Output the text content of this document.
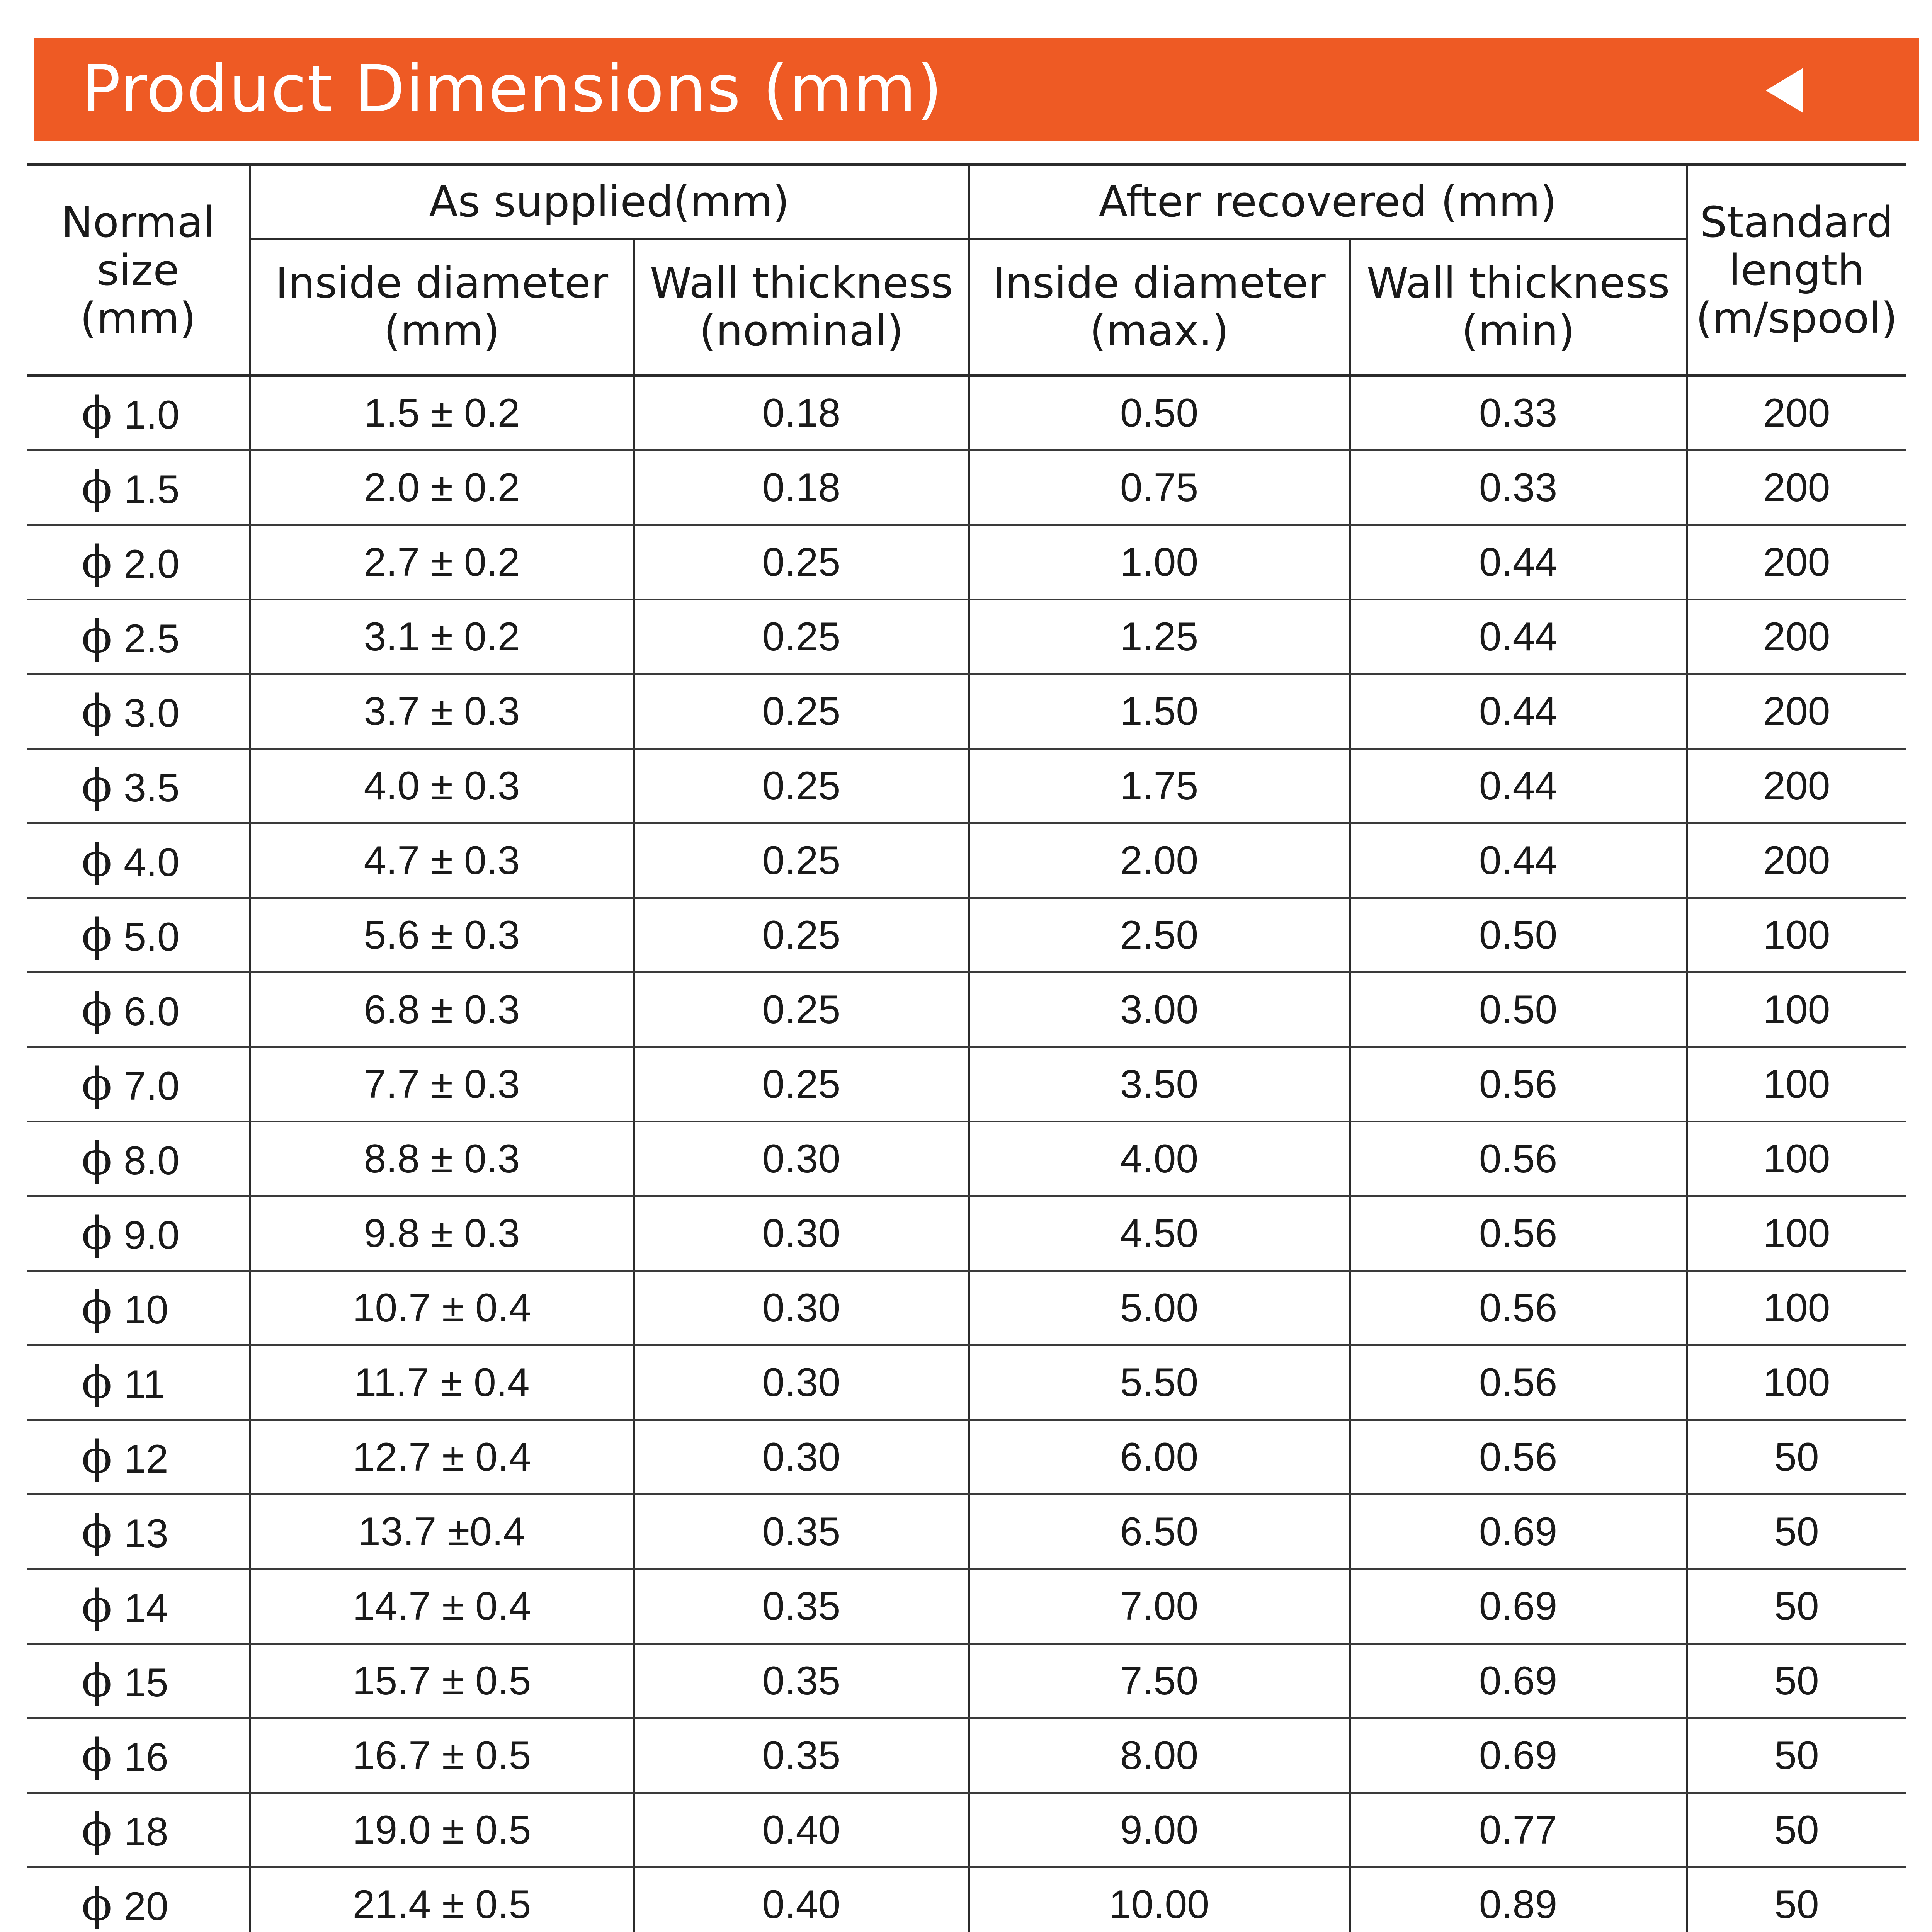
Product Dimensions (mm)
Normal size (mm)	As supplied(mm)		After recovered (mm)		Standard length (m/spool)
	Inside diameter (mm)	Wall thickness (nominal)	Inside diameter (max.)	Wall thickness (min)	
ϕ 1.0	1.5 ± 0.2	0.18	0.50	0.33	200
ϕ 1.5	2.0 ± 0.2	0.18	0.75	0.33	200
ϕ 2.0	2.7 ± 0.2	0.25	1.00	0.44	200
ϕ 2.5	3.1 ± 0.2	0.25	1.25	0.44	200
ϕ 3.0	3.7 ± 0.3	0.25	1.50	0.44	200
ϕ 3.5	4.0 ± 0.3	0.25	1.75	0.44	200
ϕ 4.0	4.7 ± 0.3	0.25	2.00	0.44	200
ϕ 5.0	5.6 ± 0.3	0.25	2.50	0.50	100
ϕ 6.0	6.8 ± 0.3	0.25	3.00	0.50	100
ϕ 7.0	7.7 ± 0.3	0.25	3.50	0.56	100
ϕ 8.0	8.8 ± 0.3	0.30	4.00	0.56	100
ϕ 9.0	9.8 ± 0.3	0.30	4.50	0.56	100
ϕ 10	10.7 ± 0.4	0.30	5.00	0.56	100
ϕ 11	11.7 ± 0.4	0.30	5.50	0.56	100
ϕ 12	12.7 ± 0.4	0.30	6.00	0.56	50
ϕ 13	13.7 ±0.4	0.35	6.50	0.69	50
ϕ 14	14.7 ± 0.4	0.35	7.00	0.69	50
ϕ 15	15.7 ± 0.5	0.35	7.50	0.69	50
ϕ 16	16.7 ± 0.5	0.35	8.00	0.69	50
ϕ 18	19.0 ± 0.5	0.40	9.00	0.77	50
ϕ 20	21.4 ± 0.5	0.40	10.00	0.89	50
